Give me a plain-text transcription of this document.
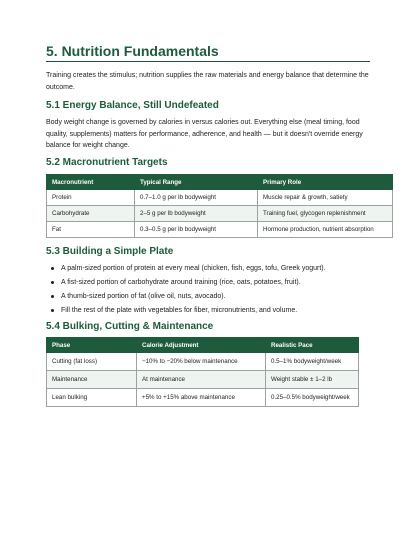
5. Nutrition Fundamentals
Training creates the stimulus; nutrition supplies the raw materials and energy balance that determine the outcome.
5.1 Energy Balance, Still Undefeated
Body weight change is governed by calories in versus calories out. Everything else (meal timing, food quality, supplements) matters for performance, adherence, and health — but it doesn't override energy balance for weight change.
5.2 Macronutrient Targets
Macronutrient	Typical Range	Primary Role
Protein	0.7–1.0 g per lb bodyweight	Muscle repair & growth, satiety
Carbohydrate	2–5 g per lb bodyweight	Training fuel, glycogen replenishment
Fat	0.3–0.5 g per lb bodyweight	Hormone production, nutrient absorption
5.3 Building a Simple Plate
A palm-sized portion of protein at every meal (chicken, fish, eggs, tofu, Greek yogurt).
A fist-sized portion of carbohydrate around training (rice, oats, potatoes, fruit).
A thumb-sized portion of fat (olive oil, nuts, avocado).
Fill the rest of the plate with vegetables for fiber, micronutrients, and volume.
5.4 Bulking, Cutting & Maintenance
Phase	Calorie Adjustment	Realistic Pace
Cutting (fat loss)	−10% to −20% below maintenance	0.5–1% bodyweight/week
Maintenance	At maintenance	Weight stable ± 1–2 lb
Lean bulking	+5% to +15% above maintenance	0.25–0.5% bodyweight/week
